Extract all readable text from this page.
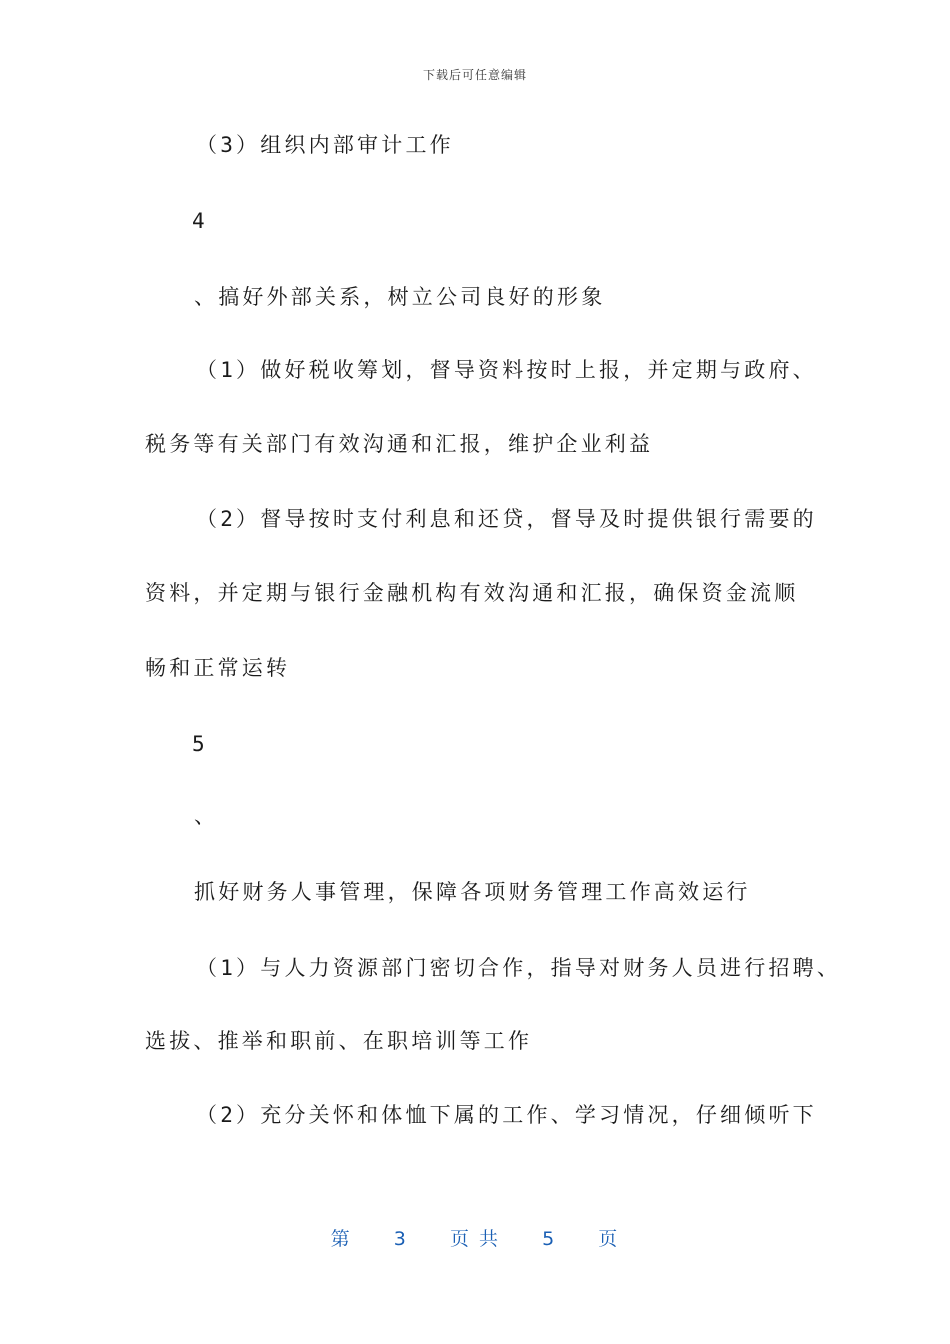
下载后可任意编辑
（3）组织内部审计工作
4
、搞好外部关系，树立公司良好的形象
（1）做好税收筹划，督导资料按时上报，并定期与政府、
税务等有关部门有效沟通和汇报，维护企业利益
（2）督导按时支付利息和还贷，督导及时提供银行需要的
资料，并定期与银行金融机构有效沟通和汇报，确保资金流顺
畅和正常运转
5
、
抓好财务人事管理，保障各项财务管理工作高效运行
（1）与人力资源部门密切合作，指导对财务人员进行招聘、
选拔、推举和职前、在职培训等工作
（2）充分关怀和体恤下属的工作、学习情况，仔细倾听下
第 3 页 共 5 页
